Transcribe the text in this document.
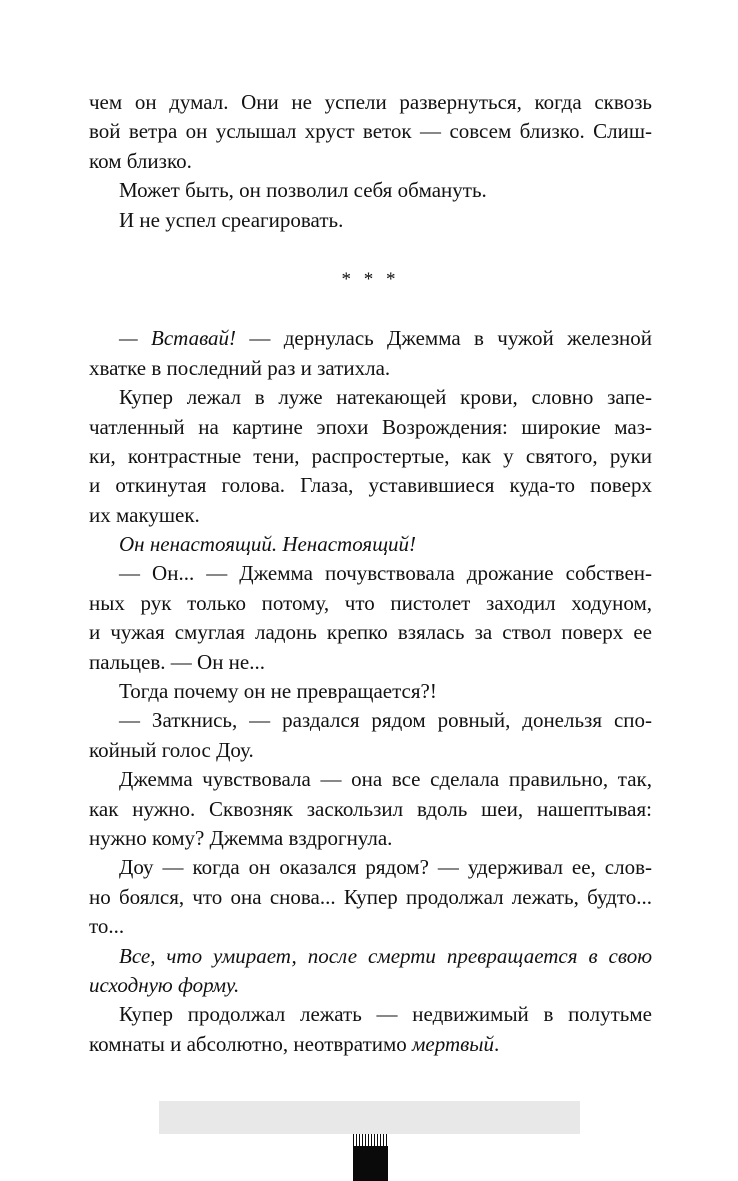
чем он думал. Они не успели развернуться, когда сквозь
вой ветра он услышал хруст веток — совсем близко. Слиш-
ком близко.
Может быть, он позволил себя обмануть.
И не успел среагировать.
* * *
— Вставай! — дернулась Джемма в чужой железной
хватке в последний раз и затихла.
Купер лежал в луже натекающей крови, словно запе-
чатленный на картине эпохи Возрождения: широкие маз-
ки, контрастные тени, распростертые, как у святого, руки
и откинутая голова. Глаза, уставившиеся куда-то поверх
их макушек.
Он ненастоящий. Ненастоящий!
— Он... — Джемма почувствовала дрожание собствен-
ных рук только потому, что пистолет заходил ходуном,
и чужая смуглая ладонь крепко взялась за ствол поверх ее
пальцев. — Он не...
Тогда почему он не превращается?!
— Заткнись, — раздался рядом ровный, донельзя спо-
койный голос Доу.
Джемма чувствовала — она все сделала правильно, так,
как нужно. Сквозняк заскользил вдоль шеи, нашептывая:
нужно кому? Джемма вздрогнула.
Доу — когда он оказался рядом? — удерживал ее, слов-
но боялся, что она снова... Купер продолжал лежать, будто...
то...
Все, что умирает, после смерти превращается в свою
исходную форму.
Купер продолжал лежать — недвижимый в полутьме
комнаты и абсолютно, неотвратимо мертвый.
